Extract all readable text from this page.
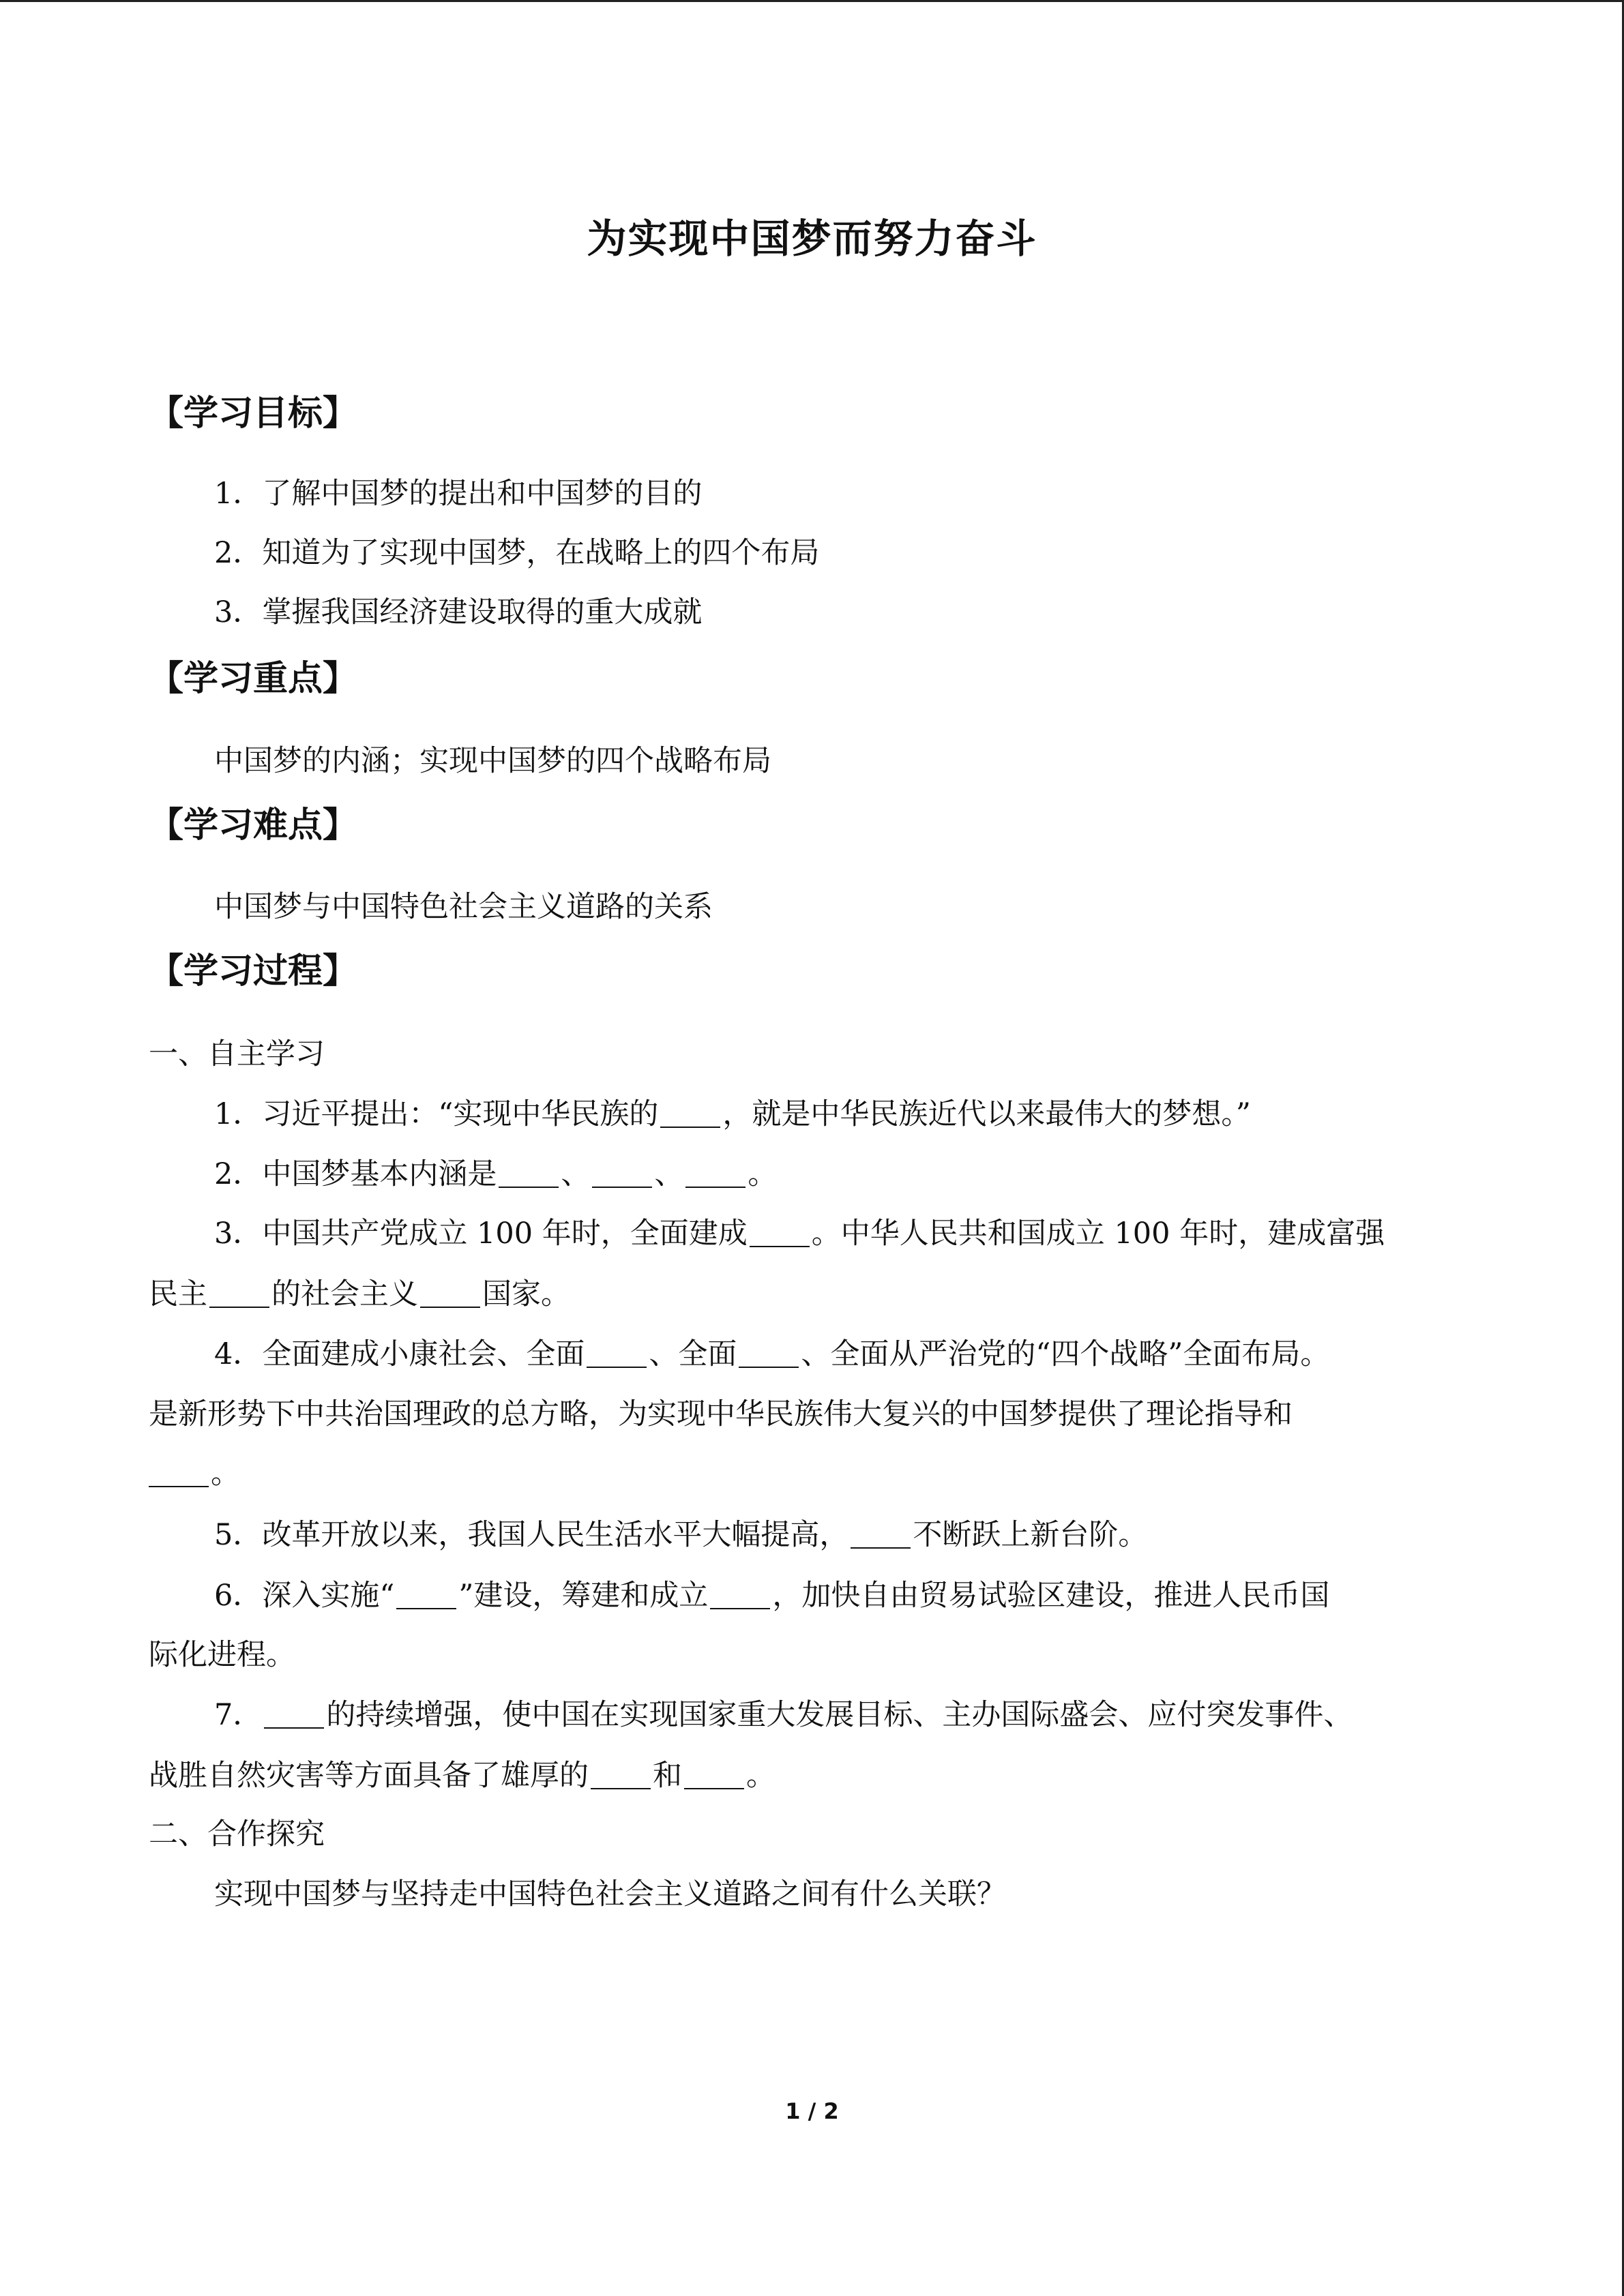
为实现中国梦而努力奋斗
【学习目标】
1．了解中国梦的提出和中国梦的目的
2．知道为了实现中国梦，在战略上的四个布局
3．掌握我国经济建设取得的重大成就
【学习重点】
中国梦的内涵；实现中国梦的四个战略布局
【学习难点】
中国梦与中国特色社会主义道路的关系
【学习过程】
一、自主学习
1．习近平提出：“实现中华民族的 ，就是中华民族近代以来最伟大的梦想。”
2．中国梦基本内涵是 、 、 。
3．中国共产党成立 100 年时，全面建成 。中华人民共和国成立 100 年时，建成富强
民主 的社会主义 国家。
4．全面建成小康社会、全面 、全面 、全面从严治党的“四个战略”全面布局。
是新形势下中共治国理政的总方略，为实现中华民族伟大复兴的中国梦提供了理论指导和
。
5．改革开放以来，我国人民生活水平大幅提高， 不断跃上新台阶。
6．深入实施“ ”建设，筹建和成立 ，加快自由贸易试验区建设，推进人民币国
际化进程。
7． 的持续增强，使中国在实现国家重大发展目标、主办国际盛会、应付突发事件、
战胜自然灾害等方面具备了雄厚的 和 。
二、合作探究
实现中国梦与坚持走中国特色社会主义道路之间有什么关联？
1 / 2
